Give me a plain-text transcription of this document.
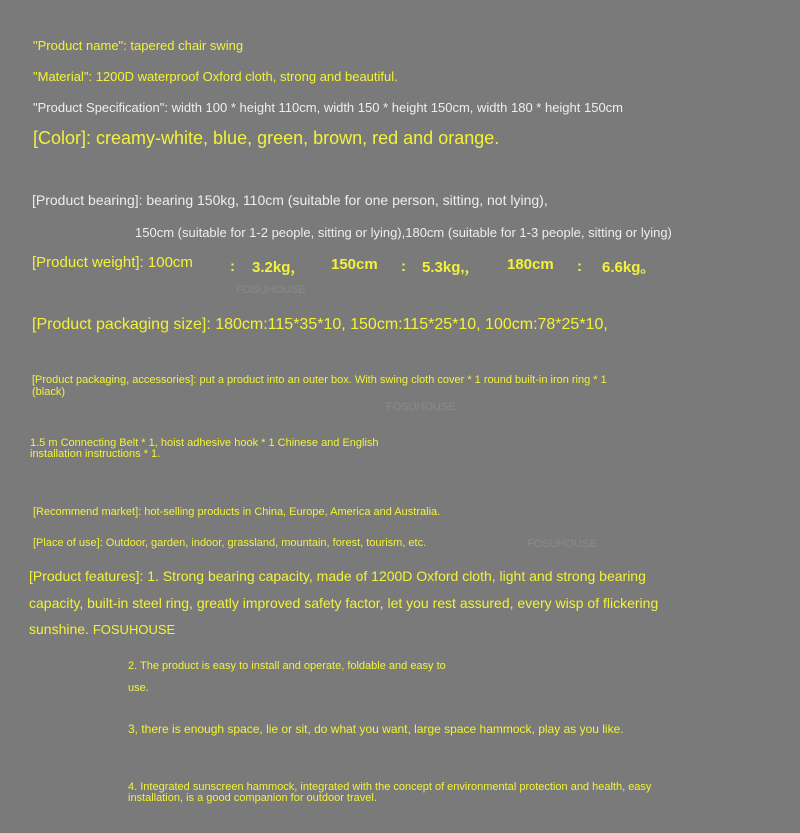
"Product name": tapered chair swing

"Material": 1200D waterproof Oxford cloth, strong and beautiful.

"Product Specification": width 100 * height 110cm, width 150 * height 150cm, width 180 * height 150cm

[Color]: creamy-white, blue, green, brown, red and orange.

[Product bearing]: bearing 150kg, 110cm (suitable for one person, sitting, not lying),

150cm (suitable for 1-2 people, sitting or lying),180cm (suitable for 1-3 people, sitting or lying)

[Product weight]: 100cm : 3.2kg， 150cm : 5.3kg,， 180cm : 6.6kg。

[Product packaging size]: 180cm:115*35*10, 150cm:115*25*10, 100cm:78*25*10,

[Product packaging, accessories]: put a product into an outer box. With swing cloth cover * 1 round built-in iron ring * 1

(black)

1.5 m Connecting Belt * 1, hoist adhesive hook * 1 Chinese and English

installation instructions * 1.

[Recommend market]: hot-selling products in China, Europe, America and Australia.

[Place of use]: Outdoor, garden, indoor, grassland, mountain, forest, tourism, etc.

[Product features]: 1. Strong bearing capacity, made of 1200D Oxford cloth, light and strong bearing

capacity, built-in steel ring, greatly improved safety factor, let you rest assured, every wisp of flickering

sunshine. FOSUHOUSE

2. The product is easy to install and operate, foldable and easy to

use.

3, there is enough space, lie or sit, do what you want, large space hammock, play as you like.

4. Integrated sunscreen hammock, integrated with the concept of environmental protection and health, easy

installation, is a good companion for outdoor travel.

FOSUHOUSE
FOSUHOUSE
FOSUHOUSE
